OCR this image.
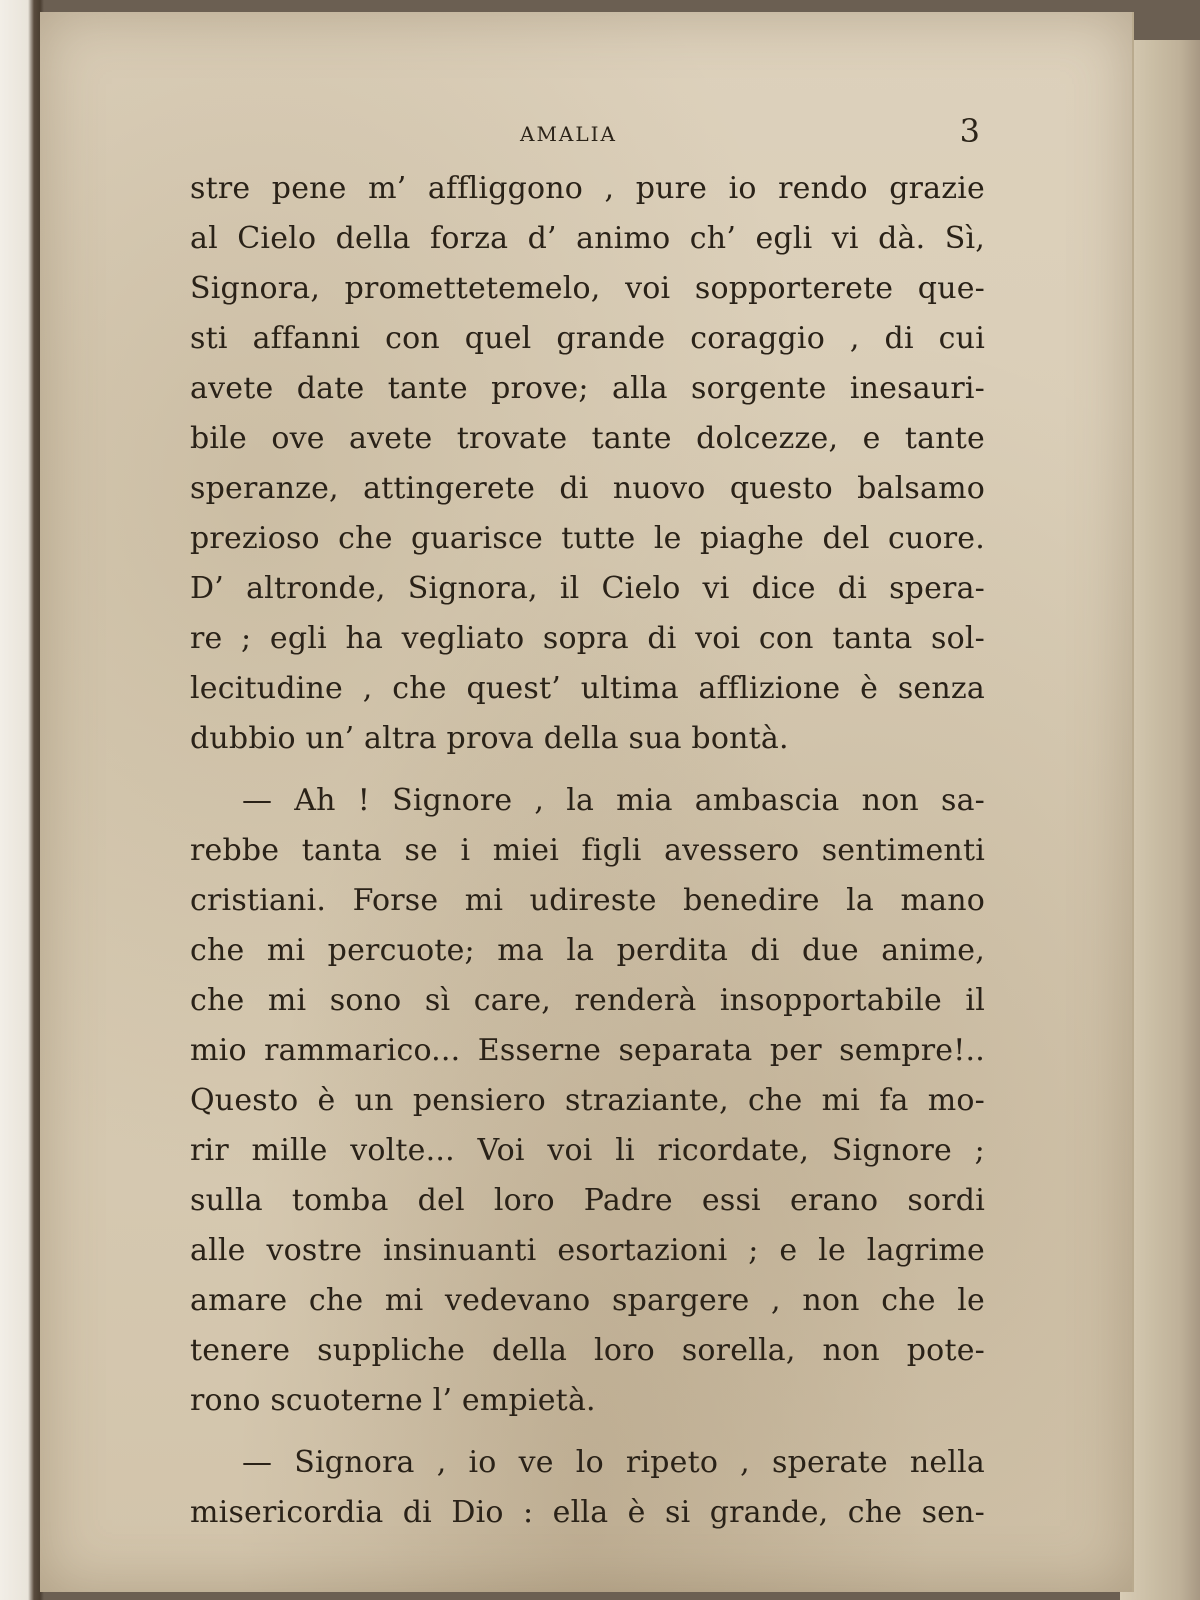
AMALIA	3
stre pene m’ affliggono , pure io rendo grazie
al Cielo della forza d’ animo ch’ egli vi dà. Sì,
Signora, promettetemelo, voi sopporterete que-
sti affanni con quel grande coraggio , di cui
avete date tante prove; alla sorgente inesauri-
bile ove avete trovate tante dolcezze, e tante
speranze, attingerete di nuovo questo balsamo
prezioso che guarisce tutte le piaghe del cuore.
D’ altronde, Signora, il Cielo vi dice di spera-
re ; egli ha vegliato sopra di voi con tanta sol-
lecitudine , che quest’ ultima afflizione è senza
dubbio un’ altra prova della sua bontà.
— Ah ! Signore , la mia ambascia non sa-
rebbe tanta se i miei figli avessero sentimenti
cristiani. Forse mi udireste benedire la mano
che mi percuote; ma la perdita di due anime,
che mi sono sì care, renderà insopportabile il
mio rammarico... Esserne separata per sempre!..
Questo è un pensiero straziante, che mi fa mo-
rir mille volte... Voi voi li ricordate, Signore ;
sulla tomba del loro Padre essi erano sordi
alle vostre insinuanti esortazioni ; e le lagrime
amare che mi vedevano spargere , non che le
tenere suppliche della loro sorella, non pote-
rono scuoterne l’ empietà.
— Signora , io ve lo ripeto , sperate nella
misericordia di Dio : ella è si grande, che sen-
